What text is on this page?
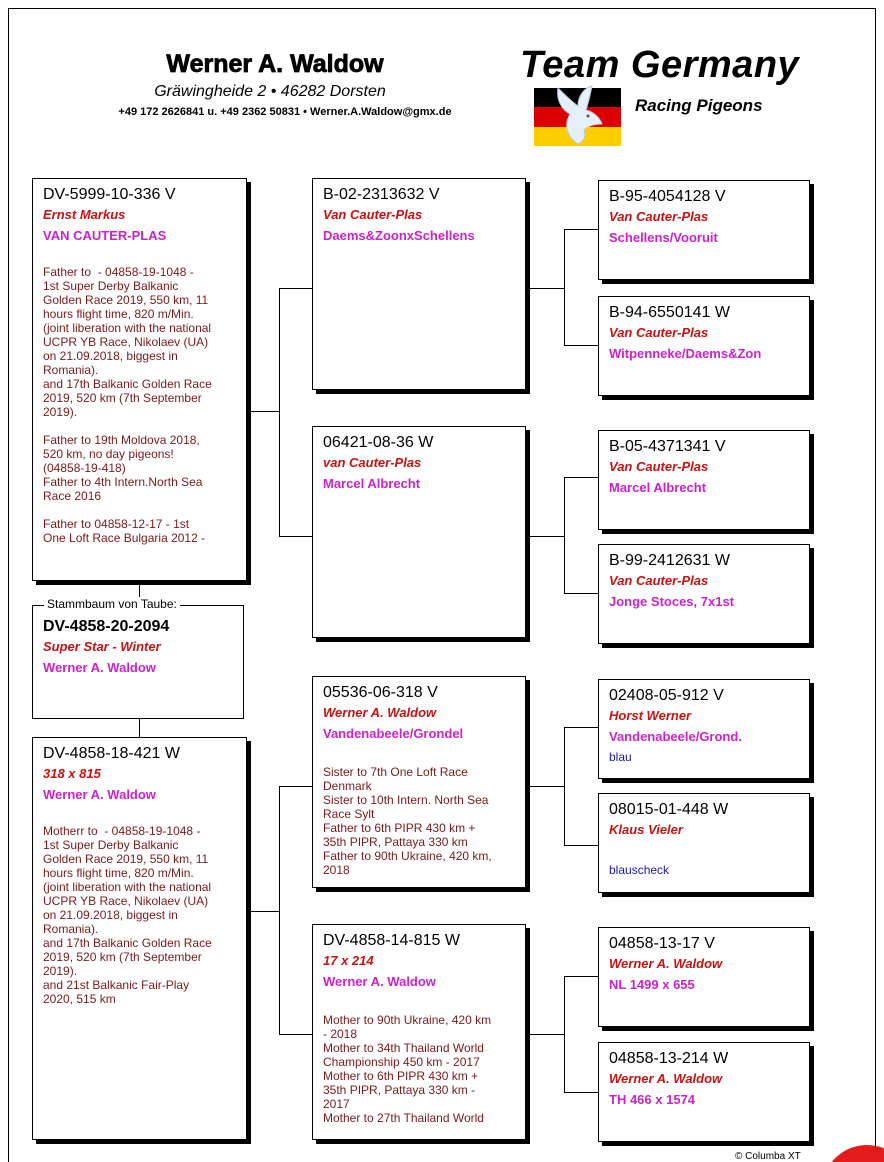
Werner A. Waldow
Gräwingheide 2 • 46282 Dorsten
+49 172 2626841 u. +49 2362 50831 • Werner.A.Waldow@gmx.de
Team Germany
Racing Pigeons
DV-5999-10-336 V
Ernst Markus
VAN CAUTER-PLAS
Father to  - 04858-19-1048 -
1st Super Derby Balkanic
Golden Race 2019, 550 km, 11
hours flight time, 820 m/Min.
(joint liberation with the national
UCPR YB Race, Nikolaev (UA)
on 21.09.2018, biggest in
Romania).
and 17th Balkanic Golden Race
2019, 520 km (7th September
2019).

Father to 19th Moldova 2018,
520 km, no day pigeons!
(04858-19-418)
Father to 4th Intern.North Sea
Race 2016

Father to 04858-12-17 - 1st
One Loft Race Bulgaria 2012 -
Stammbaum von Taube:
DV-4858-20-2094
Super Star - Winter
Werner A. Waldow
DV-4858-18-421 W
318 x 815
Werner A. Waldow
Motherr to  - 04858-19-1048 -
1st Super Derby Balkanic
Golden Race 2019, 550 km, 11
hours flight time, 820 m/Min.
(joint liberation with the national
UCPR YB Race, Nikolaev (UA)
on 21.09.2018, biggest in
Romania).
and 17th Balkanic Golden Race
2019, 520 km (7th September
2019).
and 21st Balkanic Fair-Play
2020, 515 km
B-02-2313632 V
Van Cauter-Plas
Daems&ZoonxSchellens
06421-08-36 W
van Cauter-Plas
Marcel Albrecht
05536-06-318 V
Werner A. Waldow
Vandenabeele/Grondel
Sister to 7th One Loft Race
Denmark
Sister to 10th Intern. North Sea
Race Sylt
Father to 6th PIPR 430 km +
35th PIPR, Pattaya 330 km
Father to 90th Ukraine, 420 km,
2018
DV-4858-14-815 W
17 x 214
Werner A. Waldow
Mother to 90th Ukraine, 420 km
- 2018
Mother to 34th Thailand World
Championship 450 km - 2017
Mother to 6th PIPR 430 km +
35th PIPR, Pattaya 330 km -
2017
Mother to 27th Thailand World
B-95-4054128 V
Van Cauter-Plas
Schellens/Vooruit
B-94-6550141 W
Van Cauter-Plas
Witpenneke/Daems&Zon
B-05-4371341 V
Van Cauter-Plas
Marcel Albrecht
B-99-2412631 W
Van Cauter-Plas
Jonge Stoces, 7x1st
02408-05-912 V
Horst Werner
Vandenabeele/Grond.
blau
08015-01-448 W
Klaus Vieler
blauscheck
04858-13-17 V
Werner A. Waldow
NL 1499 x 655
04858-13-214 W
Werner A. Waldow
TH 466 x 1574
© Columba XT
